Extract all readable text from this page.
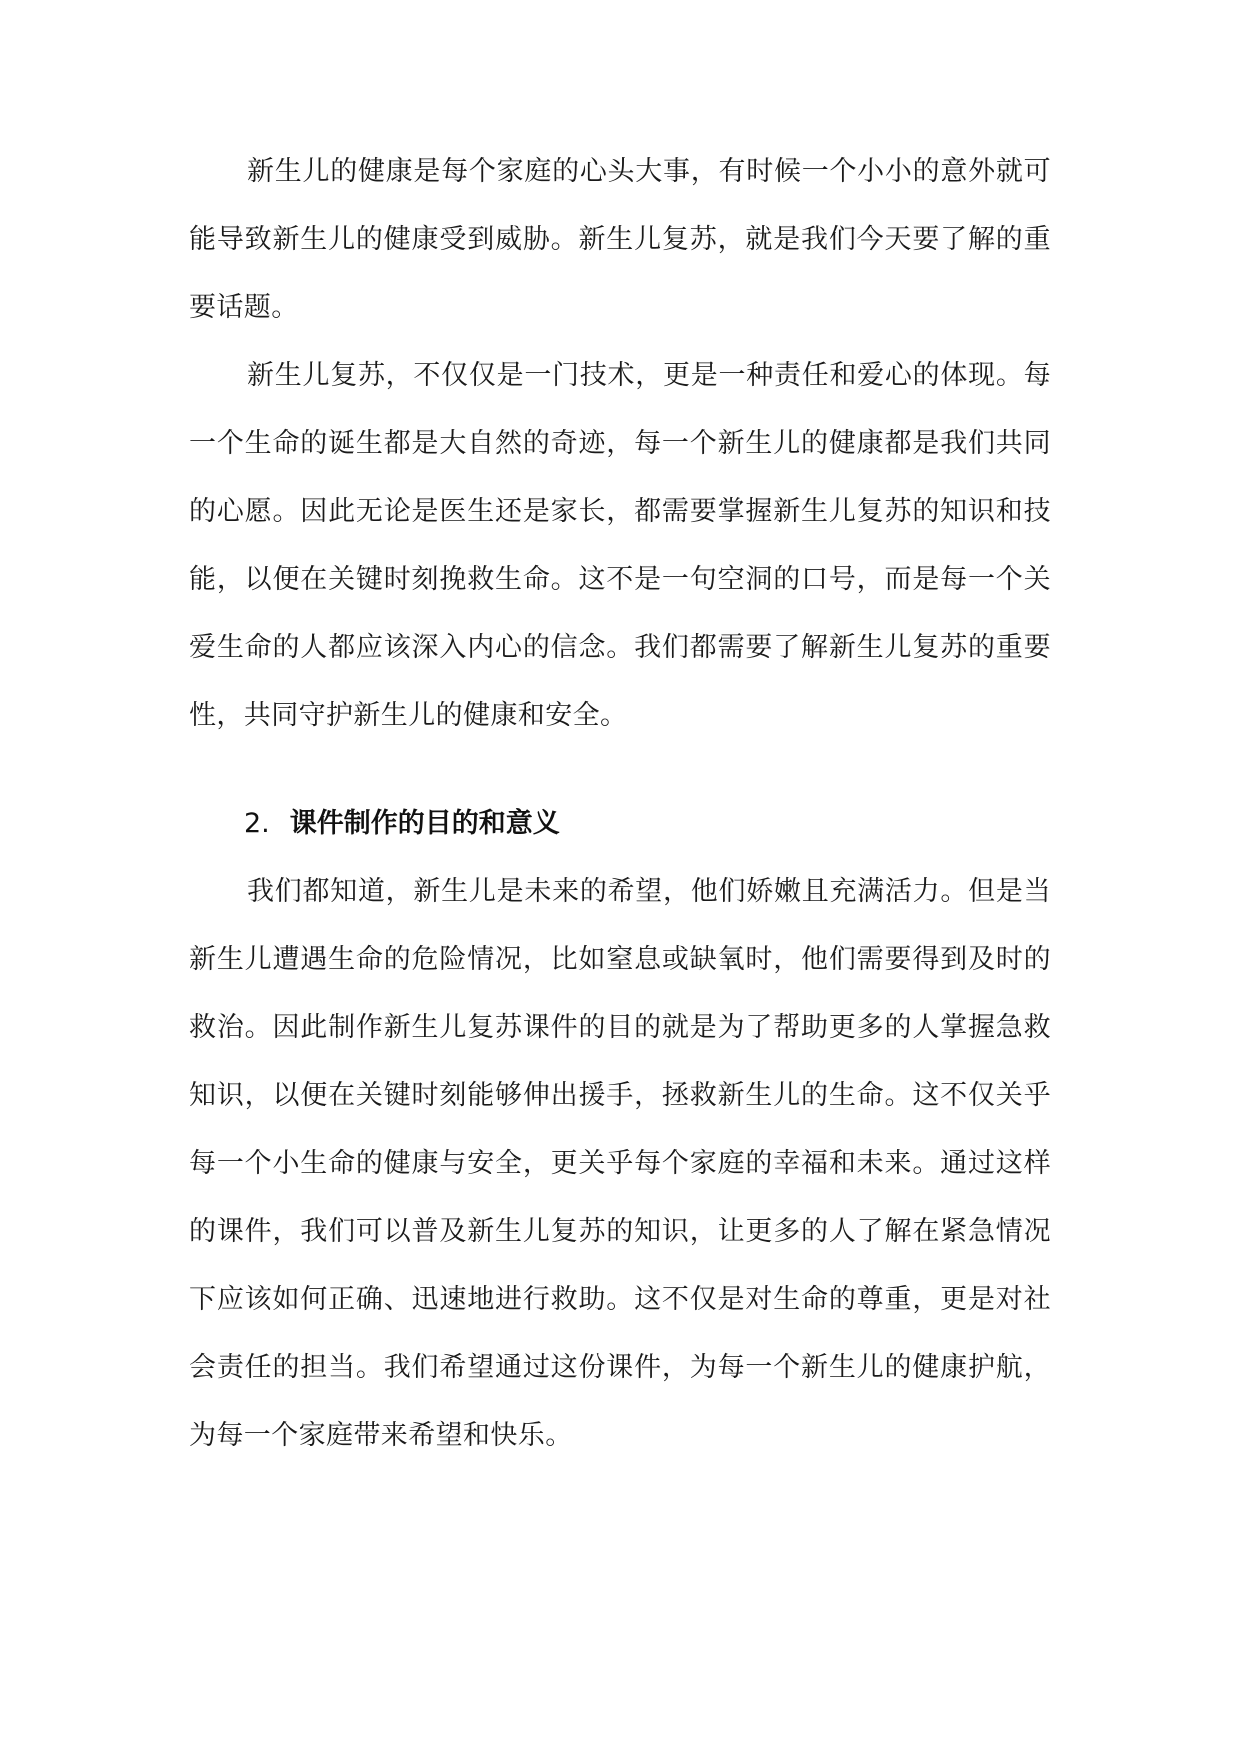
新生儿的健康是每个家庭的心头大事，有时候一个小小的意外就可能导致新生儿的健康受到威胁。新生儿复苏，就是我们今天要了解的重要话题。

新生儿复苏，不仅仅是一门技术，更是一种责任和爱心的体现。每一个生命的诞生都是大自然的奇迹，每一个新生儿的健康都是我们共同的心愿。因此无论是医生还是家长，都需要掌握新生儿复苏的知识和技能，以便在关键时刻挽救生命。这不是一句空洞的口号，而是每一个关爱生命的人都应该深入内心的信念。我们都需要了解新生儿复苏的重要性，共同守护新生儿的健康和安全。

2. 课件制作的目的和意义

我们都知道，新生儿是未来的希望，他们娇嫩且充满活力。但是当新生儿遭遇生命的危险情况，比如窒息或缺氧时，他们需要得到及时的救治。因此制作新生儿复苏课件的目的就是为了帮助更多的人掌握急救知识，以便在关键时刻能够伸出援手，拯救新生儿的生命。这不仅关乎每一个小生命的健康与安全，更关乎每个家庭的幸福和未来。通过这样的课件，我们可以普及新生儿复苏的知识，让更多的人了解在紧急情况下应该如何正确、迅速地进行救助。这不仅是对生命的尊重，更是对社会责任的担当。我们希望通过这份课件，为每一个新生儿的健康护航，为每一个家庭带来希望和快乐。
